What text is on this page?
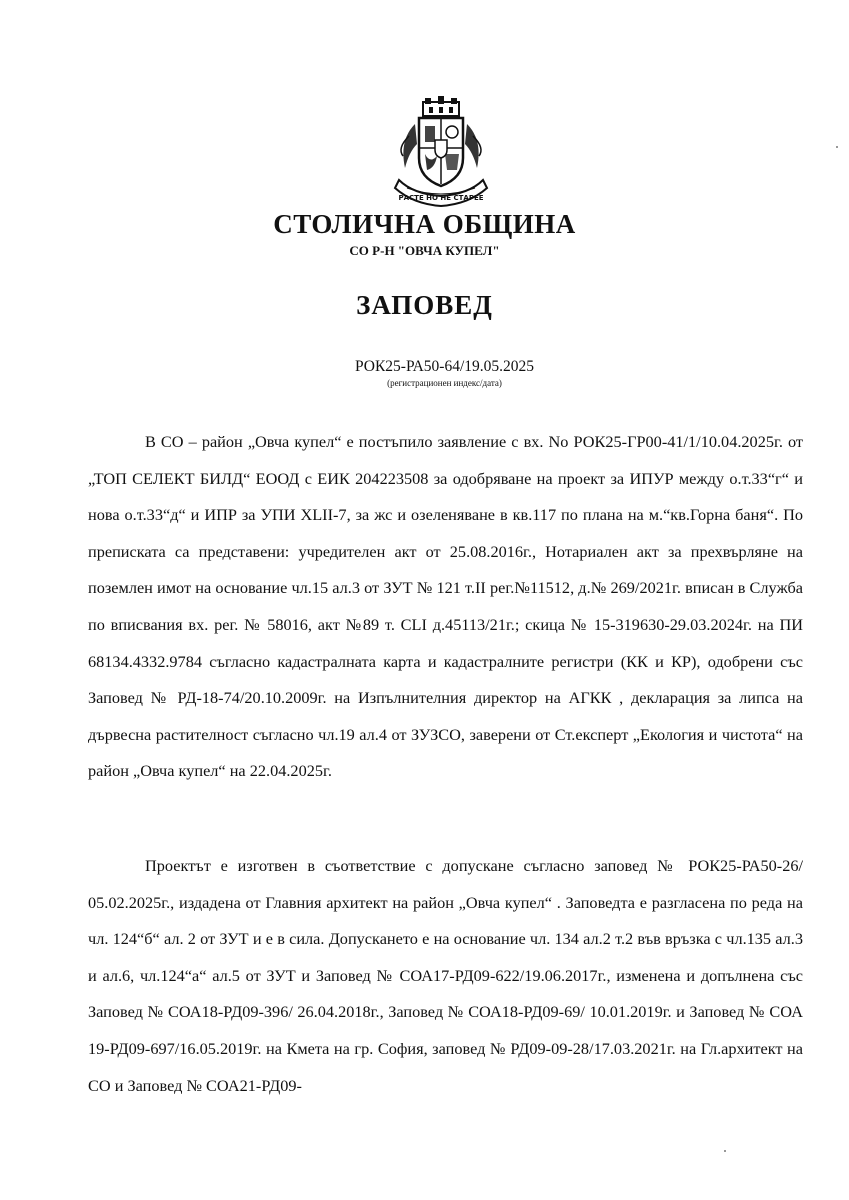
РАСТЕ НО НЕ СТАРЕЕ
СТОЛИЧНА ОБЩИНА
СО Р-Н "ОВЧА КУПЕЛ"
ЗАПОВЕД
РОК25-РА50-64/19.05.2025
(регистрационен индекс/дата)

В СО – район „Овча купел“ е постъпило заявление с вх. No РОК25-ГР00-41/1/10.04.2025г. от „ТОП СЕЛЕКТ БИЛД“ ЕООД с ЕИК 204223508 за одобряване на проект за ИПУР между о.т.33“г“ и нова о.т.33“д“ и ИПР за УПИ XLII-7, за жс и озеленяване в кв.117 по плана на м.“кв.Горна баня“. По преписката са представени: учредителен акт от 25.08.2016г., Нотариален акт за прехвърляне на поземлен имот на основание чл.15 ал.3 от ЗУТ № 121 т.II рег.№11512, д.№ 269/2021г. вписан в Служба по вписвания вх. рег. № 58016, акт №89 т. CLI д.45113/21г.; скица № 15-319630-29.03.2024г. на ПИ 68134.4332.9784 съгласно кадастралната карта и кадастралните регистри (КК и КР), одобрени със Заповед № РД-18-74/20.10.2009г. на Изпълнителния директор на АГКК , декларация за липса на дървесна растителност съгласно чл.19 ал.4 от ЗУЗСО, заверени от Ст.експерт „Екология и чистота“ на район „Овча купел“ на 22.04.2025г.

Проектът е изготвен в съответствие с допускане съгласно заповед № РОК25-РА50-26/ 05.02.2025г., издадена от Главния архитект на район „Овча купел“ . Заповедта е разгласена по реда на чл. 124“б“ ал. 2 от ЗУТ и е в сила. Допускането е на основание чл. 134 ал.2 т.2 във връзка с чл.135 ал.3 и ал.6, чл.124“а“ ал.5 от ЗУТ и Заповед № СОА17-РД09-622/19.06.2017г., изменена и допълнена със Заповед № СОА18-РД09-396/ 26.04.2018г., Заповед № СОА18-РД09-69/ 10.01.2019г. и Заповед № СОА 19-РД09-697/16.05.2019г. на Кмета на гр. София, заповед № РД09-09-28/17.03.2021г. на Гл.архитект на СО и Заповед № СОА21-РД09-
